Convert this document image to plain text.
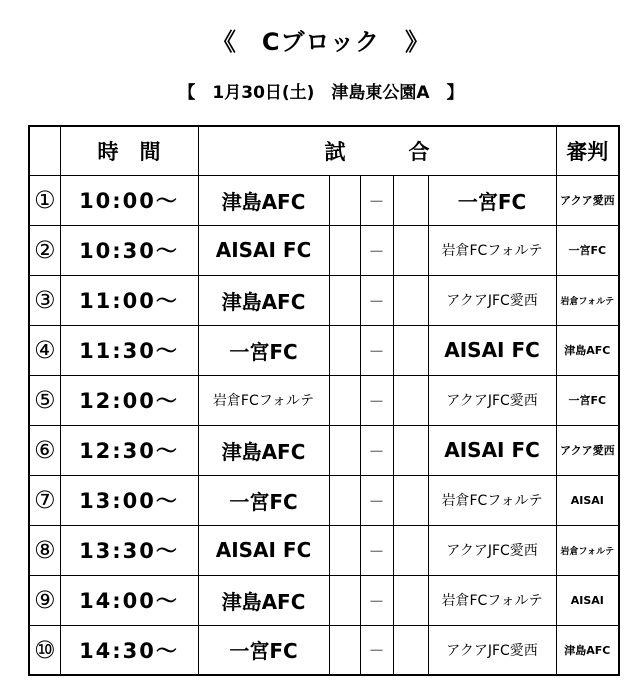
《　Cブロック　》
【　1月30日(土)　津島東公園A　】
	時　間	試　　　合					審判
①	10:00～	津島AFC		－		一宮FC	アクア愛西
②	10:30～	AISAI FC		－		岩倉FCフォルテ	一宮FC
③	11:00～	津島AFC		－		アクアJFC愛西	岩倉フォルテ
④	11:30～	一宮FC		－		AISAI FC	津島AFC
⑤	12:00～	岩倉FCフォルテ		－		アクアJFC愛西	一宮FC
⑥	12:30～	津島AFC		－		AISAI FC	アクア愛西
⑦	13:00～	一宮FC		－		岩倉FCフォルテ	AISAI
⑧	13:30～	AISAI FC		－		アクアJFC愛西	岩倉フォルテ
⑨	14:00～	津島AFC		－		岩倉FCフォルテ	AISAI
⑩	14:30～	一宮FC		－		アクアJFC愛西	津島AFC
